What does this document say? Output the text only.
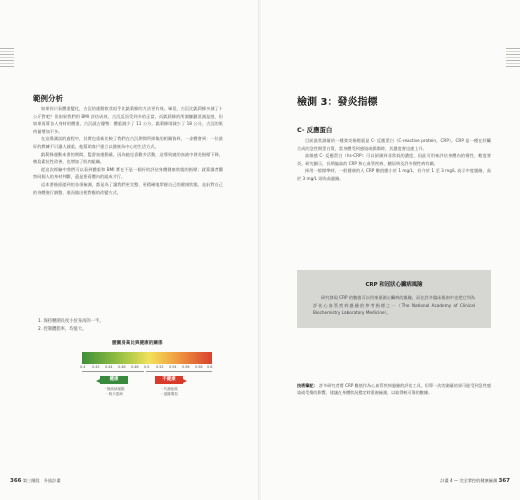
範例分析

如果你只看體重變化，古沉的運動飲食似乎比凱莉蜂的方法更有效。畢竟，古沉比凱莉蜂多減了十公斤對吧？但如果我們用 BMI 評估成效，古沉反而受到多的正當，而凱莉蜂的所測腳劃消減是遊，但如果再算各人身材的體重，古沉就占優勢：體重減少了 11 公分，凱莉蜂則減少了 18 公分，古沉的肌肉量增加不多。

在這場測試的過程中，其實也重新比較了我們在古沉期間所採集的相關資料，一步體會到：一位最好的教練不只讓人減重，他幫助客戶建立以健康為中心的生活方式。

凱莉蜂運動本書的期間，監督加運動量，因為她也喜歡多活動，這導致她的血液中發炎指標下降，胰島素抗性改善，也增加了肌肉組織。

從這次經驗中我們可以看到體重和 BMI 實在不是一個好的評估身體健康狀態的指標；就算讀者觀察同個人的身材判斷，還是要看體內的組成才行。

這本書後面提到的各項檢測，都是為了讓我們更完整、更精確地掌握自己的健康狀態，並針對自己的身體進行調整，進而做出相對應的改變方式。

1. 保持腰圍長度小於身高的一半。
2. 控制體脂率，均值大。
腰圍身高比與健康的關係
0.4 0.42 0.44 0.46 0.48 0.5 0.52 0.54 0.56 0.58 0.6
健康	不健康
・無疾病風險
・較少患病
・代謝症候
・風險增加
366 第三階段　升級計畫	計畫 4 — 完全掌控的健康檢測 367
檢測 3：發炎指標
C- 反應蛋白

目前最常測量的一種發炎指標就是 C- 反應蛋白（C-reactive protein，CRP）。CRP 是一種在肝臟合成的急性期蛋白質，當身體受到感染或損傷時，其濃度會迅速上升。

高敏感 C- 反應蛋白（hs-CRP）可以偵測到非常低的濃度，因此可用來評估身體內的慢性、輕度發炎。研究顯示，長期偏高的 CRP 和心血管疾病、糖尿病及許多慢性病有關。

採用一般標準時，一般健康的人 CRP 數值應小於 1 mg/L，若介於 1 至 3 mg/L 表示中度風險，高於 3 mg/L 則為高風險。

CRP 和冠狀心臟病風險
研究發現 CRP 的數值可以用來預測心臟病的風險，而在許多臨床指南中也把它列為評估心血管疾病風險的參考指標之一（The National Academy of Clinical Biochemistry Laboratory Medicine）。
技術筆記： 許多研究者將 CRP 數值作為心血管疾病風險的評估工具，但單一次的測量結果可能受到急性感染或受傷的影響，建議在身體狀況穩定時重複檢測，以取得較可靠的數據。
